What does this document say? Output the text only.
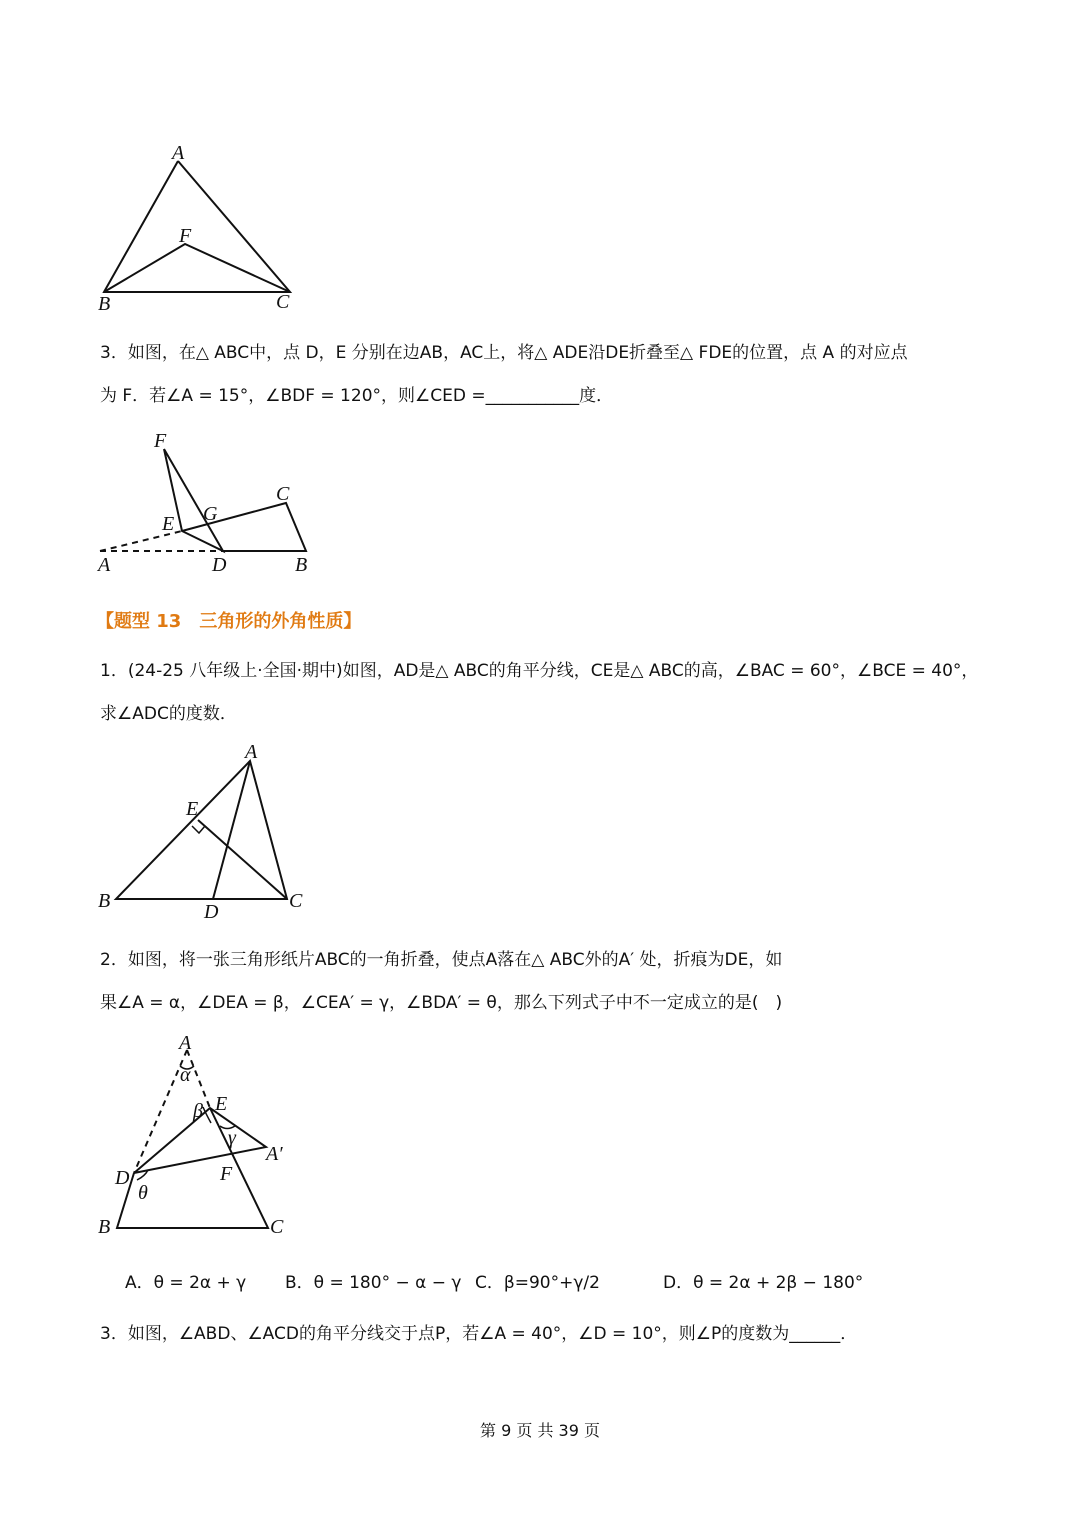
A
F
B	C
3．如图，在△ ABC中，点 D，E 分别在边AB，AC上，将△ ADE沿DE折叠至△ FDE的位置，点 A 的对应点
为 F．若∠A = 15°，∠BDF = 120°，则∠CED =___________度．
F
C
E G
A	D	B
【题型 13　三角形的外角性质】
1．(24-25 八年级上·全国·期中)如图，AD是△ ABC的角平分线，CE是△ ABC的高，∠BAC = 60°，∠BCE = 40°，
求∠ADC的度数．
A
E
B	D	C
2．如图，将一张三角形纸片ABC的一角折叠，使点A落在△ ABC外的A′ 处，折痕为DE，如
果∠A = α，∠DEA = β，∠CEA′ = γ，∠BDA′ = θ，那么下列式子中不一定成立的是(　)
A
α
β E
γ
A′
D
θ
F
B	C
A．θ = 2α + γ B．θ = 180° − α − γ C．β=90°+γ/2	D．θ = 2α + 2β − 180°
3．如图，∠ABD、∠ACD的角平分线交于点P，若∠A = 40°，∠D = 10°，则∠P的度数为______．
第 9 页 共 39 页
